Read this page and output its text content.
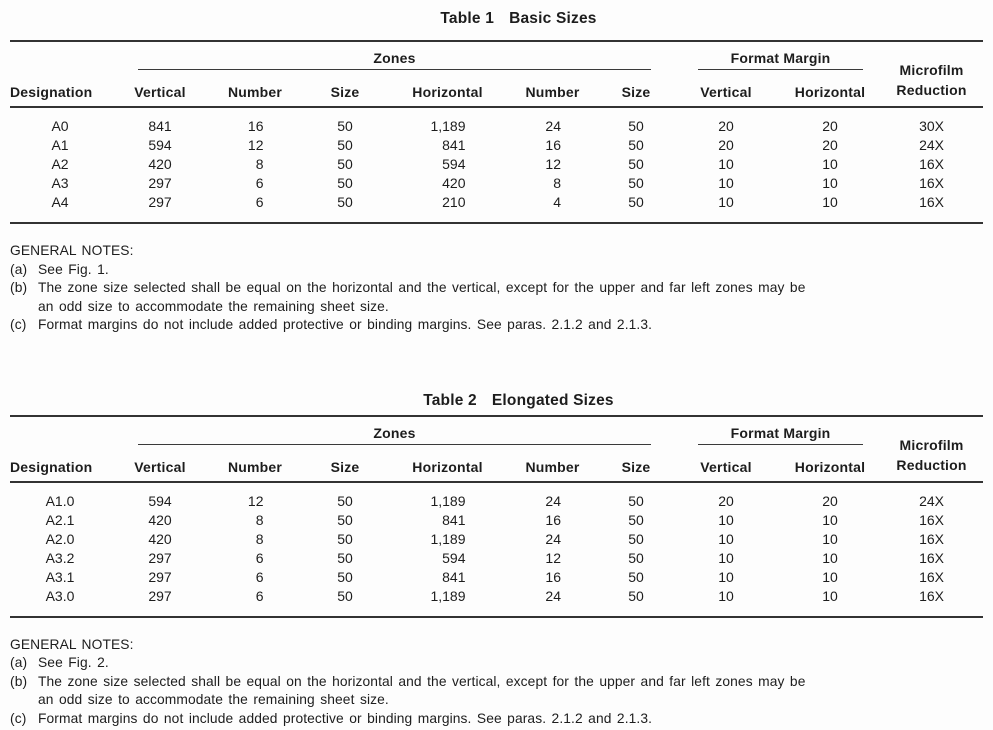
Table 1 Basic Sizes

	Zones						Format Margin		Microfilm
Reduction

Designation	Vertical	Number	Size	Horizontal	Number	Size	Vertical	Horizontal	
A0	841	16	50	1,189	24	50	20	20	30X
A1	594	12	50	841	16	50	20	20	24X
A2	420	8	50	594	12	50	10	10	16X
A3	297	6	50	420	8	50	10	10	16X
A4	297	6	50	210	4	50	10	10	16X
GENERAL NOTES:
(a) See Fig. 1.
(b) The zone size selected shall be equal on the horizontal and the vertical, except for the upper and far left zones may be
an odd size to accommodate the remaining sheet size.
(c) Format margins do not include added protective or binding margins. See paras. 2.1.2 and 2.1.3.
Table 2 Elongated Sizes

	Zones						Format Margin		Microfilm
Reduction

Designation	Vertical	Number	Size	Horizontal	Number	Size	Vertical	Horizontal	
A1.0	594	12	50	1,189	24	50	20	20	24X
A2.1	420	8	50	841	16	50	10	10	16X
A2.0	420	8	50	1,189	24	50	10	10	16X
A3.2	297	6	50	594	12	50	10	10	16X
A3.1	297	6	50	841	16	50	10	10	16X
A3.0	297	6	50	1,189	24	50	10	10	16X
GENERAL NOTES:
(a) See Fig. 2.
(b) The zone size selected shall be equal on the horizontal and the vertical, except for the upper and far left zones may be
an odd size to accommodate the remaining sheet size.
(c) Format margins do not include added protective or binding margins. See paras. 2.1.2 and 2.1.3.
